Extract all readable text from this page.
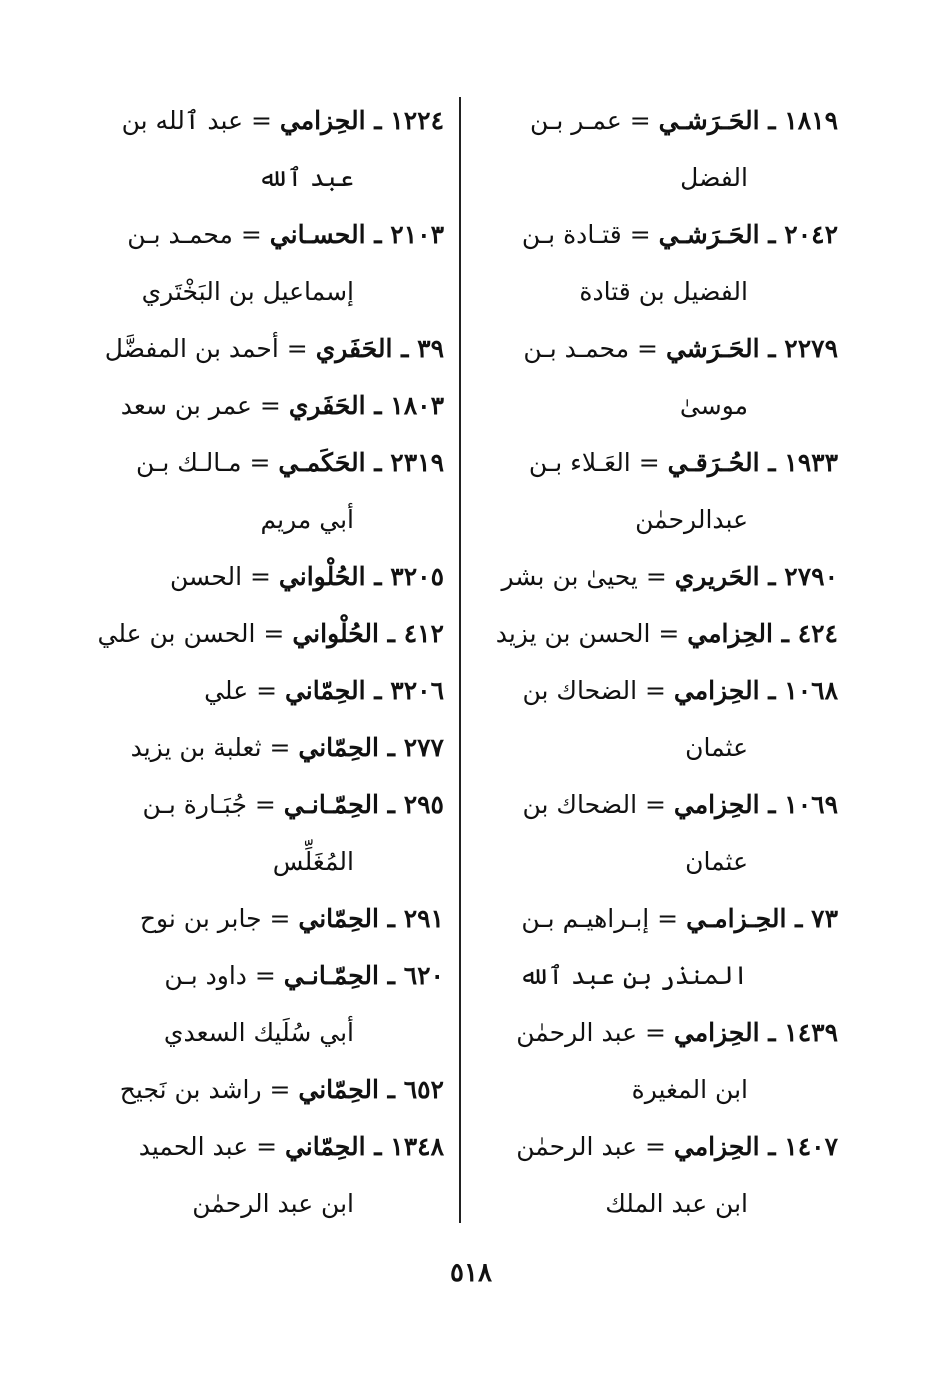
١٨١٩ ـ الحَـرَشـي = عمـر بـن
الفضل
٢٠٤٢ ـ الحَـرَشـي = قتـادة بـن
الفضيل بن قتادة
٢٢٧٩ ـ الحَـرَشي = محمـد بـن
موسىٰ
١٩٣٣ ـ الحُـرَقـي = العَـلاء بـن
عبدالرحمٰن
٢٧٩٠ ـ الحَريري = يحيىٰ بن بشر
٤٢٤ ـ الحِزامي = الحسن بن يزيد
١٠٦٨ ـ الحِزامي = الضحاك بن
عثمان
١٠٦٩ ـ الحِزامي = الضحاك بن
عثمان
٧٣ ـ الحِـزامـي = إبـراهيـم بـن
المنذر بن عبد ٱلله
١٤٣٩ ـ الحِزامي = عبد الرحمٰن
ابن المغيرة
١٤٠٧ ـ الحِزامي = عبد الرحمٰن
ابن عبد الملك
١٢٢٤ ـ الحِزامي = عبد ٱلله بن
عبد ٱلله
٢١٠٣ ـ الحسـاني = محمـد بـن
إسماعيل بن البَخْتَري
٣٩ ـ الحَفَري = أحمد بن المفضَّل
١٨٠٣ ـ الحَفَري = عمر بن سعد
٢٣١٩ ـ الحَكَمـي = مـالـك بـن
أبي مريم
٣٢٠٥ ـ الحُلْواني = الحسن
٤١٢ ـ الحُلْواني = الحسن بن علي
٣٢٠٦ ـ الحِمّاني = علي
٢٧٧ ـ الحِمّاني = ثعلبة بن يزيد
٢٩٥ ـ الحِمّـانـي = جُبَـارة بـن
المُغَلِّس
٢٩١ ـ الحِمّاني = جابر بن نوح
٦٢٠ ـ الحِمّـانـي = داود بـن
أبي سُلَيك السعدي
٦٥٢ ـ الحِمّاني = راشد بن نَجيح
١٣٤٨ ـ الحِمّاني = عبد الحميد
ابن عبد الرحمٰن
٥١٨
